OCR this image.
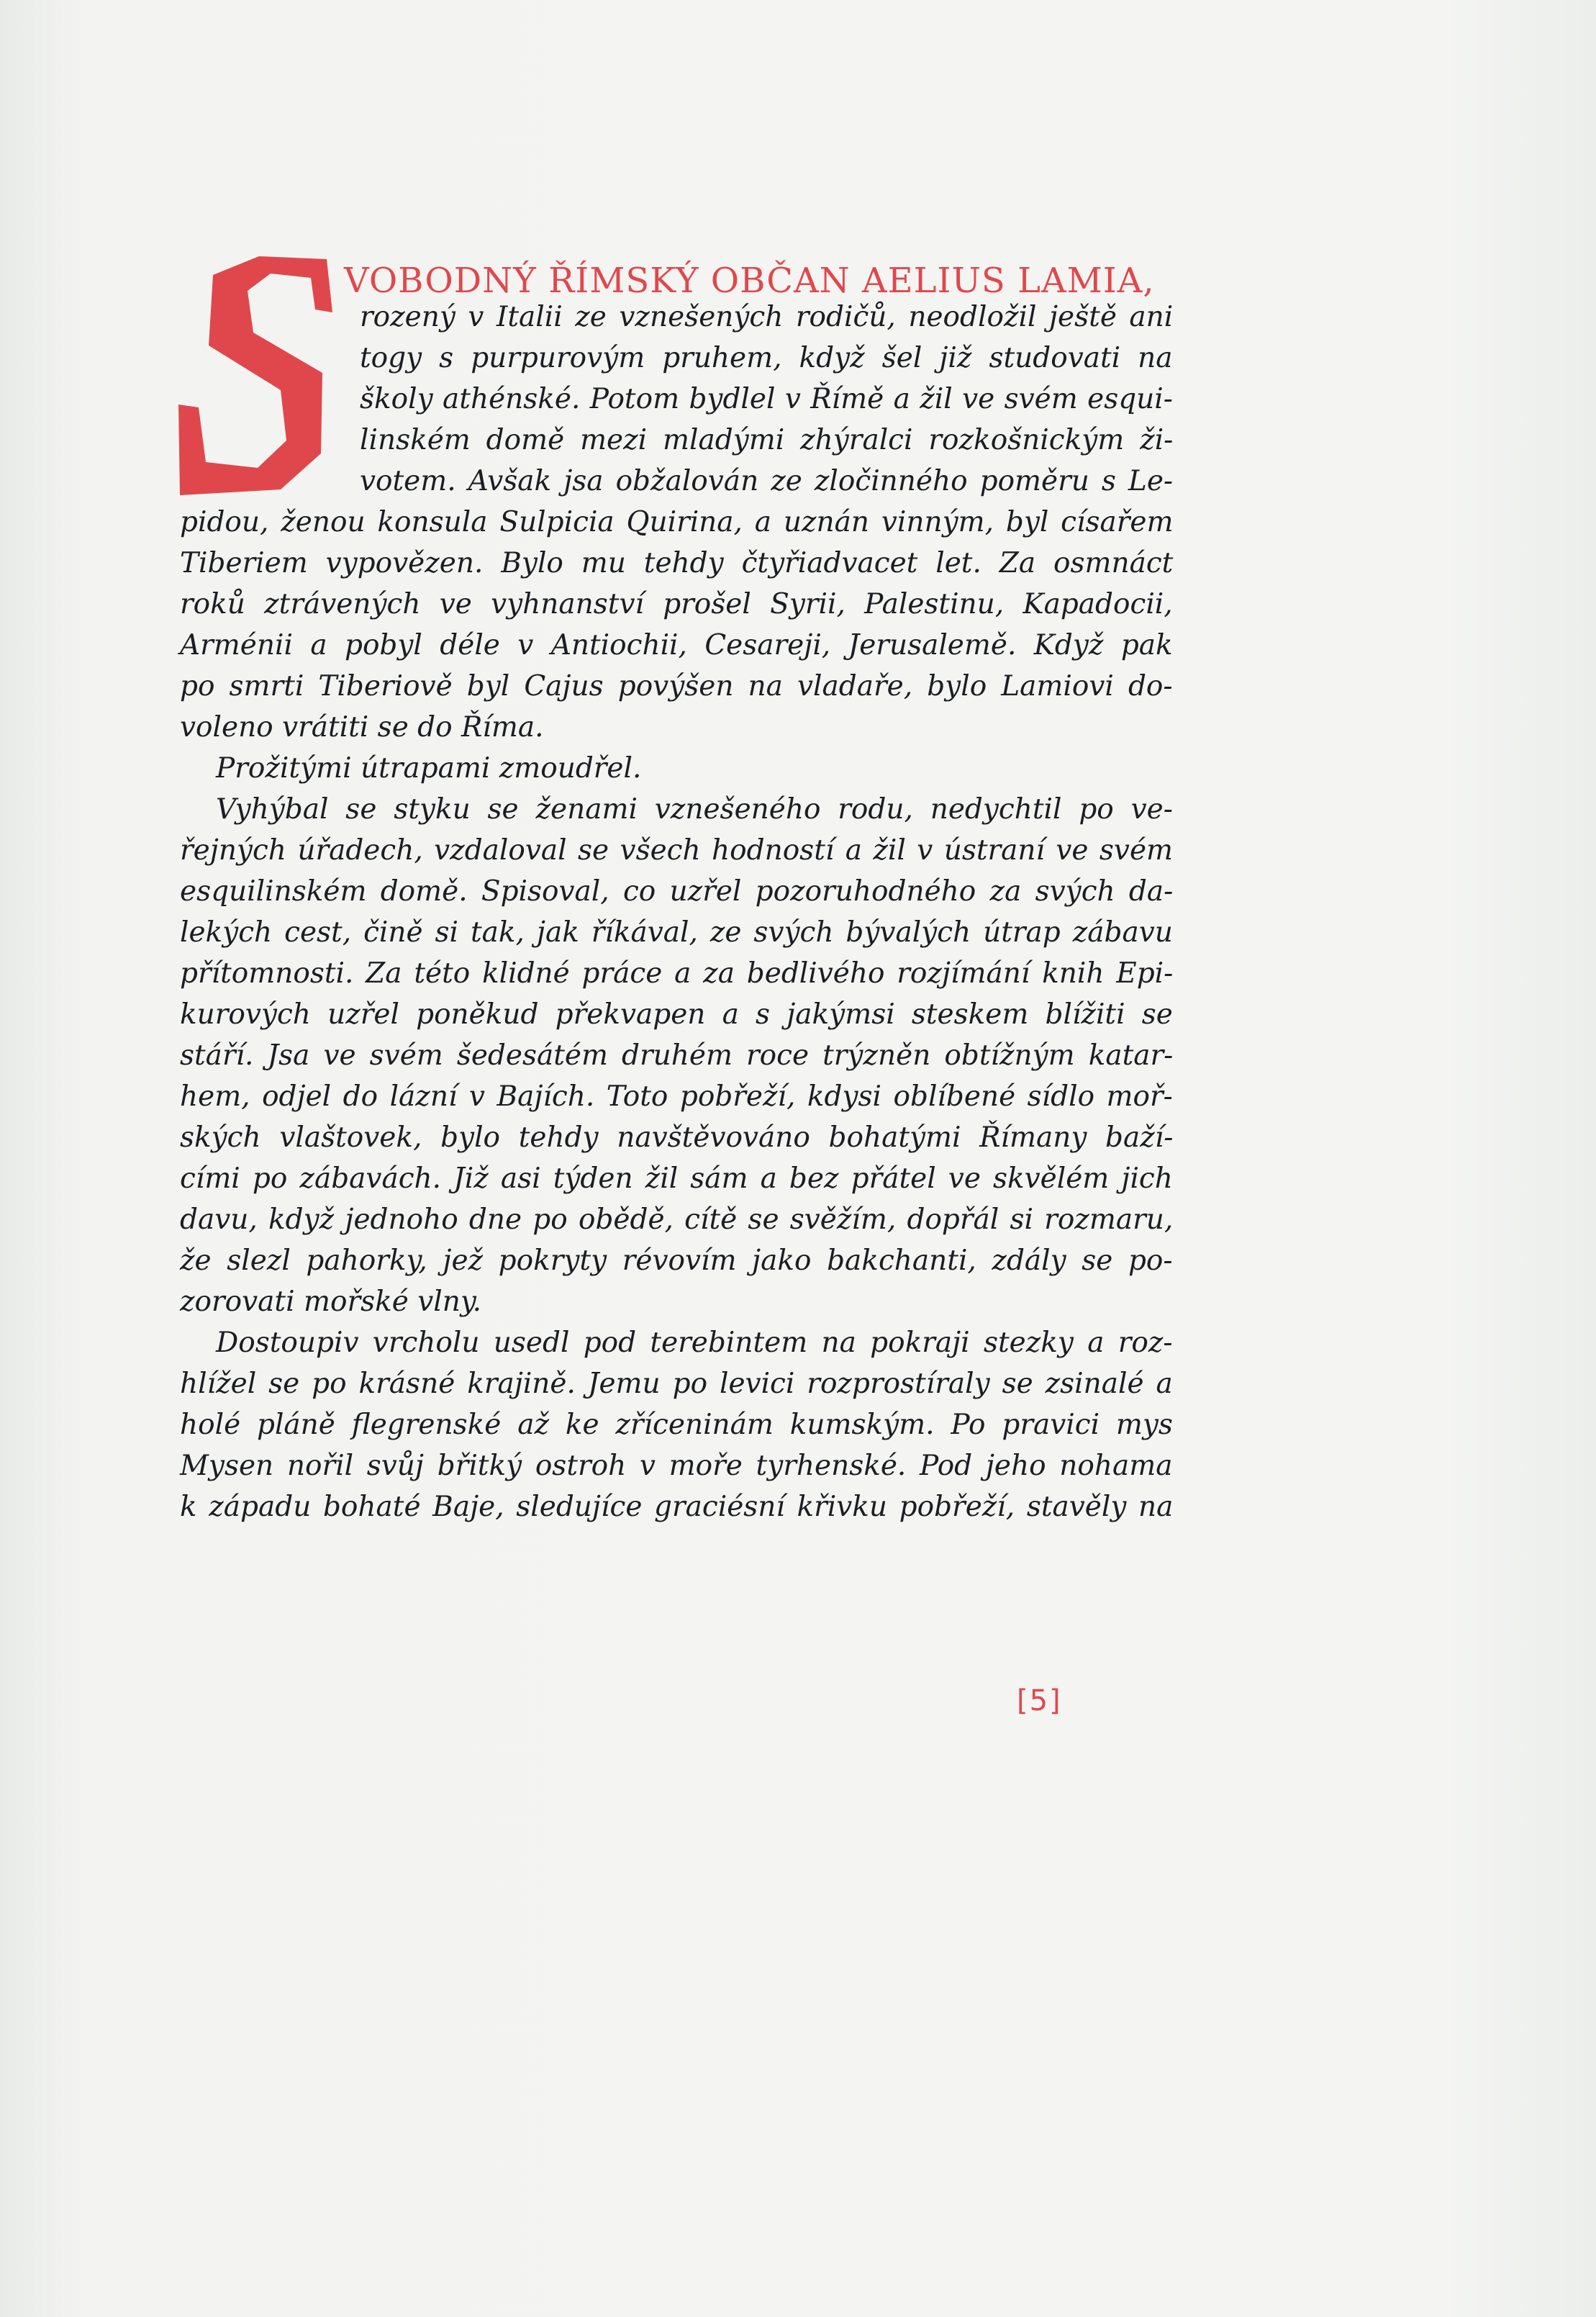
VOBODNÝ ŘÍMSKÝ OBČAN AELIUS LAMIA,
rozený v Italii ze vznešených rodičů, neodložil ještě ani
togy s purpurovým pruhem, když šel již studovati na
školy athénské. Potom bydlel v Římě a žil ve svém esqui-
linském domě mezi mladými zhýralci rozkošnickým ži-
votem. Avšak jsa obžalován ze zločinného poměru s Le-
pidou, ženou konsula Sulpicia Quirina, a uznán vinným, byl císařem
Tiberiem vypovězen. Bylo mu tehdy čtyřiadvacet let. Za osmnáct
roků ztrávených ve vyhnanství prošel Syrii, Palestinu, Kapadocii,
Arménii a pobyl déle v Antiochii, Cesareji, Jerusalemě. Když pak
po smrti Tiberiově byl Cajus povýšen na vladaře, bylo Lamiovi do-
voleno vrátiti se do Říma.
Prožitými útrapami zmoudřel.
Vyhýbal se styku se ženami vznešeného rodu, nedychtil po ve-
řejných úřadech, vzdaloval se všech hodností a žil v ústraní ve svém
esquilinském domě. Spisoval, co uzřel pozoruhodného za svých da-
lekých cest, čině si tak, jak říkával, ze svých bývalých útrap zábavu
přítomnosti. Za této klidné práce a za bedlivého rozjímání knih Epi-
kurových uzřel poněkud překvapen a s jakýmsi steskem blížiti se
stáří. Jsa ve svém šedesátém druhém roce trýzněn obtížným katar-
hem, odjel do lázní v Bajích. Toto pobřeží, kdysi oblíbené sídlo moř-
ských vlaštovek, bylo tehdy navštěvováno bohatými Římany baží-
cími po zábavách. Již asi týden žil sám a bez přátel ve skvělém jich
davu, když jednoho dne po obědě, cítě se svěžím, dopřál si rozmaru,
že slezl pahorky, jež pokryty révovím jako bakchanti, zdály se po-
zorovati mořské vlny.
Dostoupiv vrcholu usedl pod terebintem na pokraji stezky a roz-
hlížel se po krásné krajině. Jemu po levici rozprostíraly se zsinalé a
holé pláně flegrenské až ke zříceninám kumským. Po pravici mys
Mysen nořil svůj břitký ostroh v moře tyrhenské. Pod jeho nohama
k západu bohaté Baje, sledujíce graciésní křivku pobřeží, stavěly na
[5]
